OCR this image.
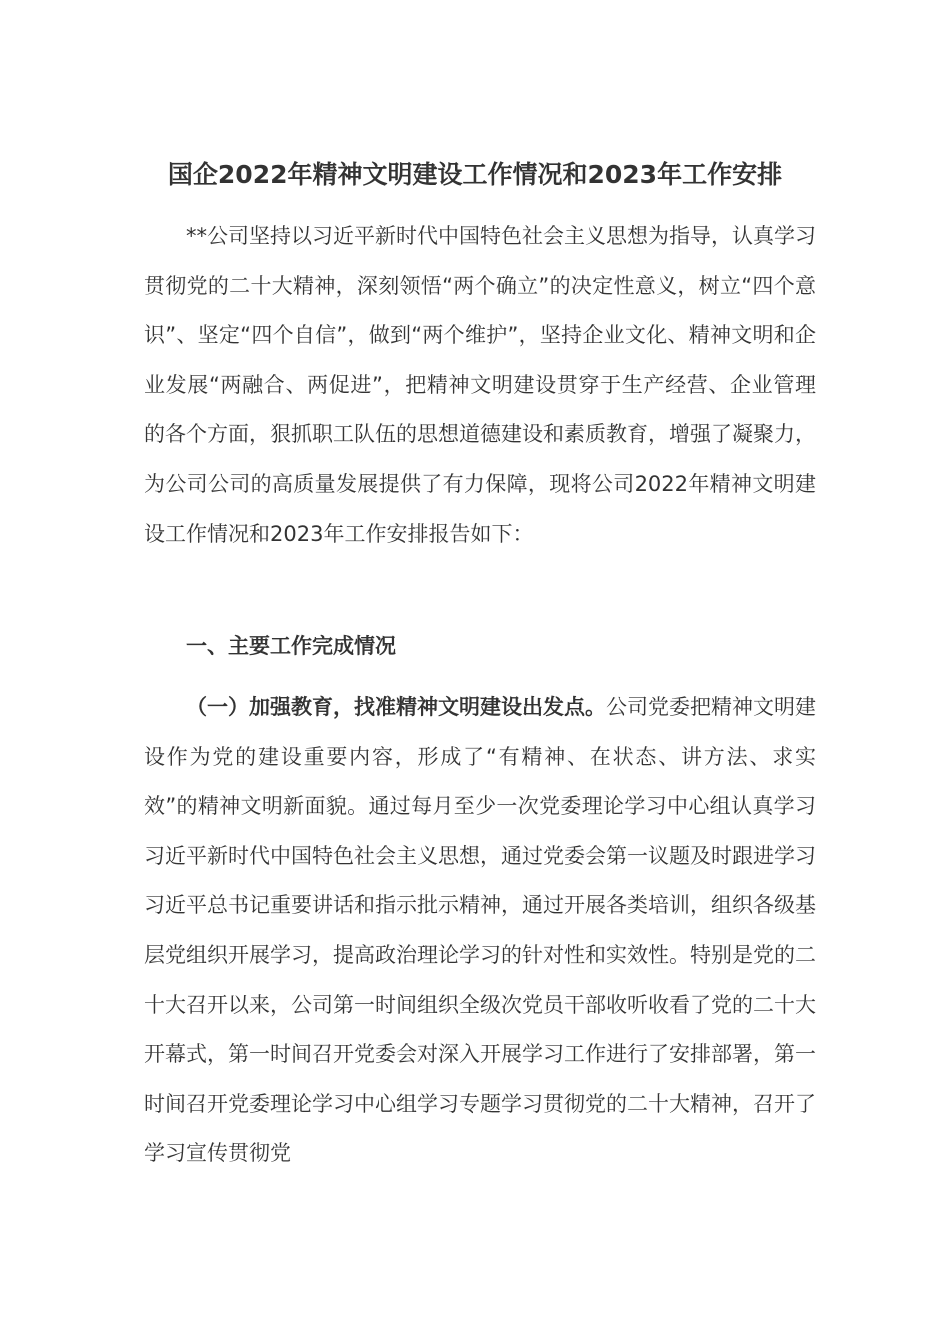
国企2022年精神文明建设工作情况和2023年工作安排
**公司坚持以习近平新时代中国特色社会主义思想为指导，认真学习贯彻党的二十大精神，深刻领悟“两个确立”的决定性意义，树立“四个意识”、坚定“四个自信”，做到“两个维护”，坚持企业文化、精神文明和企业发展“两融合、两促进”，把精神文明建设贯穿于生产经营、企业管理的各个方面，狠抓职工队伍的思想道德建设和素质教育，增强了凝聚力，为公司公司的高质量发展提供了有力保障，现将公司2022年精神文明建设工作情况和2023年工作安排报告如下：
一、主要工作完成情况
（一）加强教育，找准精神文明建设出发点。公司党委把精神文明建设作为党的建设重要内容，形成了“有精神、在状态、讲方法、求实效”的精神文明新面貌。通过每月至少一次党委理论学习中心组认真学习习近平新时代中国特色社会主义思想，通过党委会第一议题及时跟进学习习近平总书记重要讲话和指示批示精神，通过开展各类培训，组织各级基层党组织开展学习，提高政治理论学习的针对性和实效性。特别是党的二十大召开以来，公司第一时间组织全级次党员干部收听收看了党的二十大开幕式，第一时间召开党委会对深入开展学习工作进行了安排部署，第一时间召开党委理论学习中心组学习专题学习贯彻党的二十大精神，召开了学习宣传贯彻党
